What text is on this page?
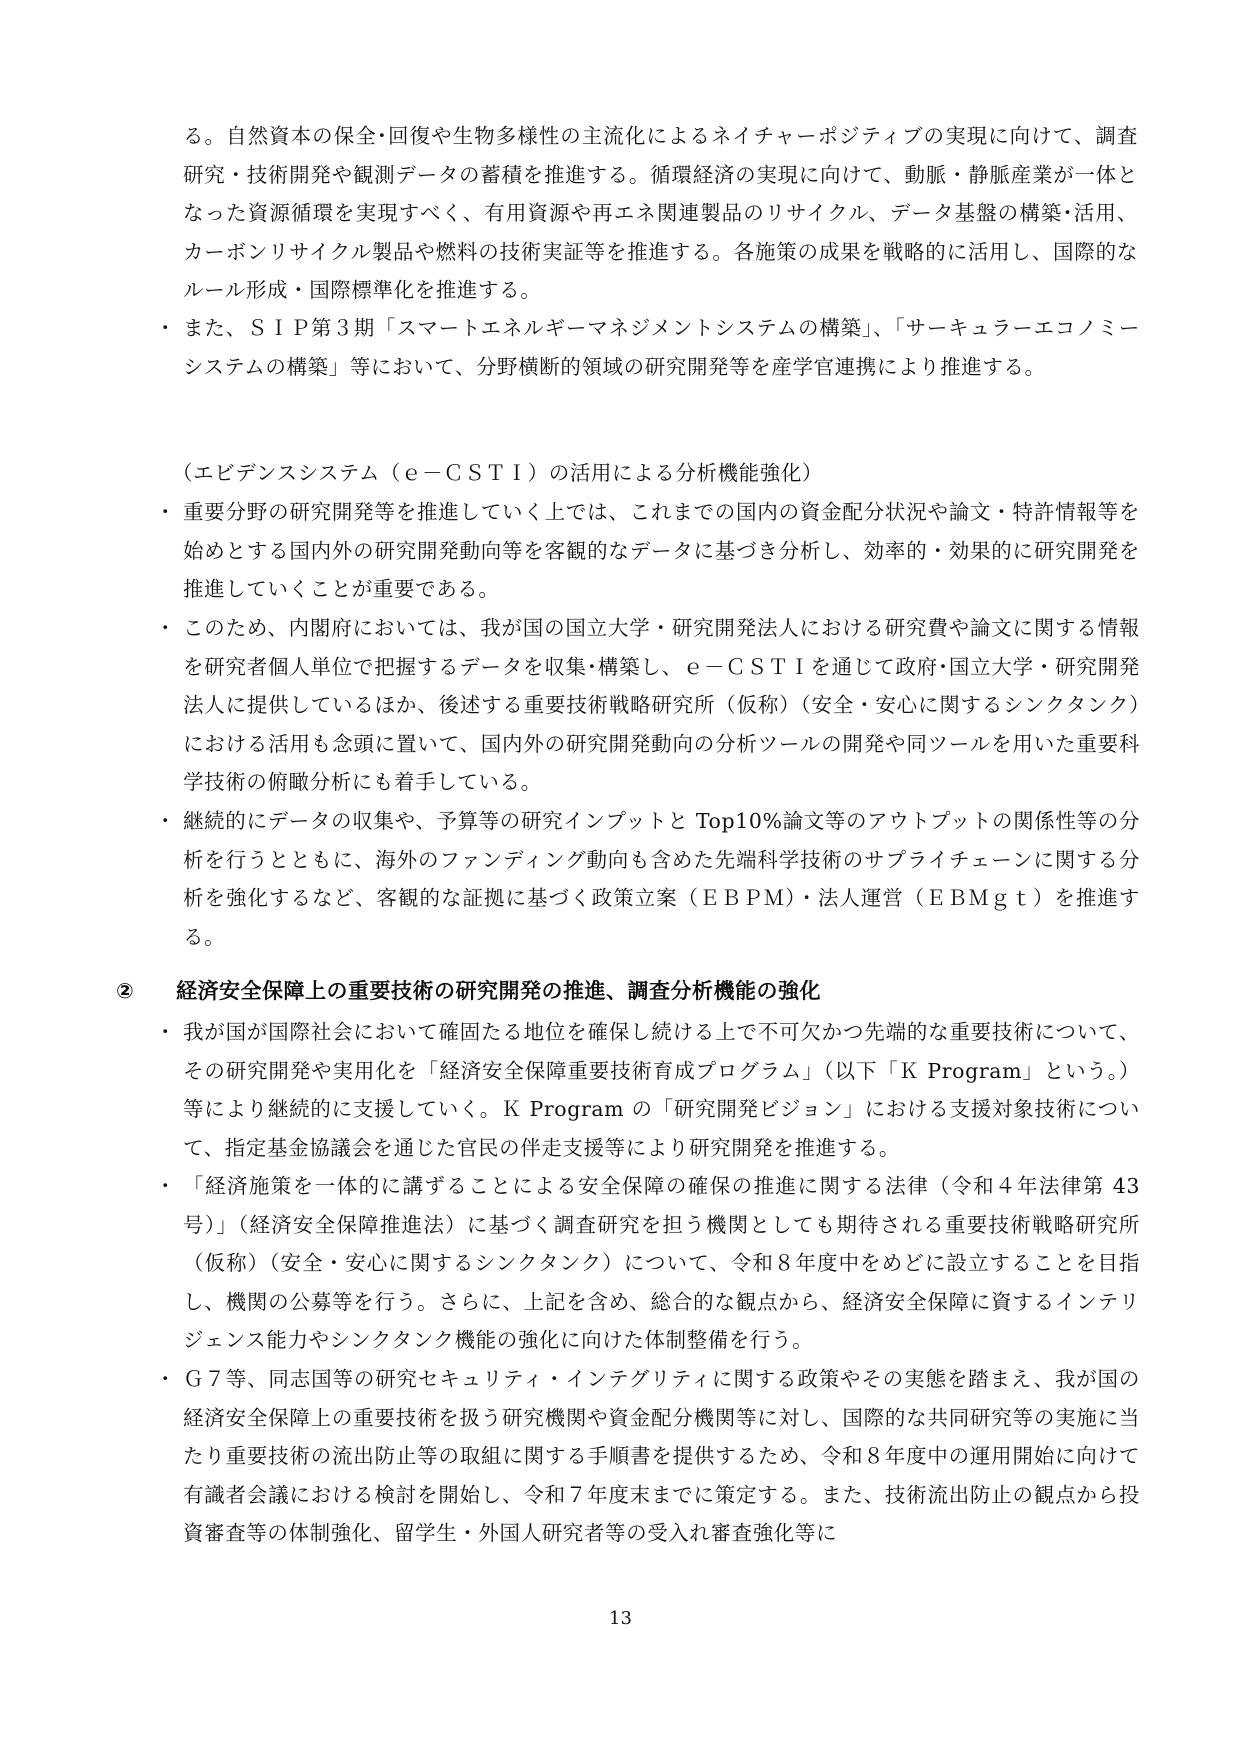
る。自然資本の保全･回復や生物多様性の主流化によるネイチャーポジティブの実現に向けて、調査研究・技術開発や観測データの蓄積を推進する。循環経済の実現に向けて、動脈・静脈産業が一体となった資源循環を実現すべく、有用資源や再エネ関連製品のリサイクル、データ基盤の構築･活用、カーボンリサイクル製品や燃料の技術実証等を推進する。各施策の成果を戦略的に活用し、国際的なルール形成・国際標準化を推進する。

・ また、ＳＩＰ第３期「スマートエネルギーマネジメントシステムの構築」、「サーキュラーエコノミーシステムの構築」等において、分野横断的領域の研究開発等を産学官連携により推進する。

（エビデンスシステム（ｅ－ＣＳＴＩ）の活用による分析機能強化）

・ 重要分野の研究開発等を推進していく上では、これまでの国内の資金配分状況や論文・特許情報等を始めとする国内外の研究開発動向等を客観的なデータに基づき分析し、効率的・効果的に研究開発を推進していくことが重要である。
・ このため、内閣府においては、我が国の国立大学・研究開発法人における研究費や論文に関する情報を研究者個人単位で把握するデータを収集･構築し、ｅ－ＣＳＴＩを通じて政府･国立大学・研究開発法人に提供しているほか、後述する重要技術戦略研究所（仮称）（安全・安心に関するシンクタンク）における活用も念頭に置いて、国内外の研究開発動向の分析ツールの開発や同ツールを用いた重要科学技術の俯瞰分析にも着手している。
・ 継続的にデータの収集や、予算等の研究インプットと Top10%論文等のアウトプットの関係性等の分析を行うとともに、海外のファンディング動向も含めた先端科学技術のサプライチェーンに関する分析を強化するなど、客観的な証拠に基づく政策立案（ＥＢＰＭ）・法人運営（ＥＢＭｇｔ）を推進する。
② 経済安全保障上の重要技術の研究開発の推進、調査分析機能の強化
・ 我が国が国際社会において確固たる地位を確保し続ける上で不可欠かつ先端的な重要技術について、その研究開発や実用化を「経済安全保障重要技術育成プログラム」（以下「Ｋ Program」という。）等により継続的に支援していく。Ｋ Program の「研究開発ビジョン」における支援対象技術について、指定基金協議会を通じた官民の伴走支援等により研究開発を推進する。
・ 「経済施策を一体的に講ずることによる安全保障の確保の推進に関する法律（令和４年法律第 43 号）」（経済安全保障推進法）に基づく調査研究を担う機関としても期待される重要技術戦略研究所（仮称）（安全・安心に関するシンクタンク）について、令和８年度中をめどに設立することを目指し、機関の公募等を行う。さらに、上記を含め、総合的な観点から、経済安全保障に資するインテリジェンス能力やシンクタンク機能の強化に向けた体制整備を行う。
・ Ｇ７等、同志国等の研究セキュリティ・インテグリティに関する政策やその実態を踏まえ、我が国の経済安全保障上の重要技術を扱う研究機関や資金配分機関等に対し、国際的な共同研究等の実施に当たり重要技術の流出防止等の取組に関する手順書を提供するため、令和８年度中の運用開始に向けて有識者会議における検討を開始し、令和７年度末までに策定する。また、技術流出防止の観点から投資審査等の体制強化、留学生・外国人研究者等の受入れ審査強化等に

13
